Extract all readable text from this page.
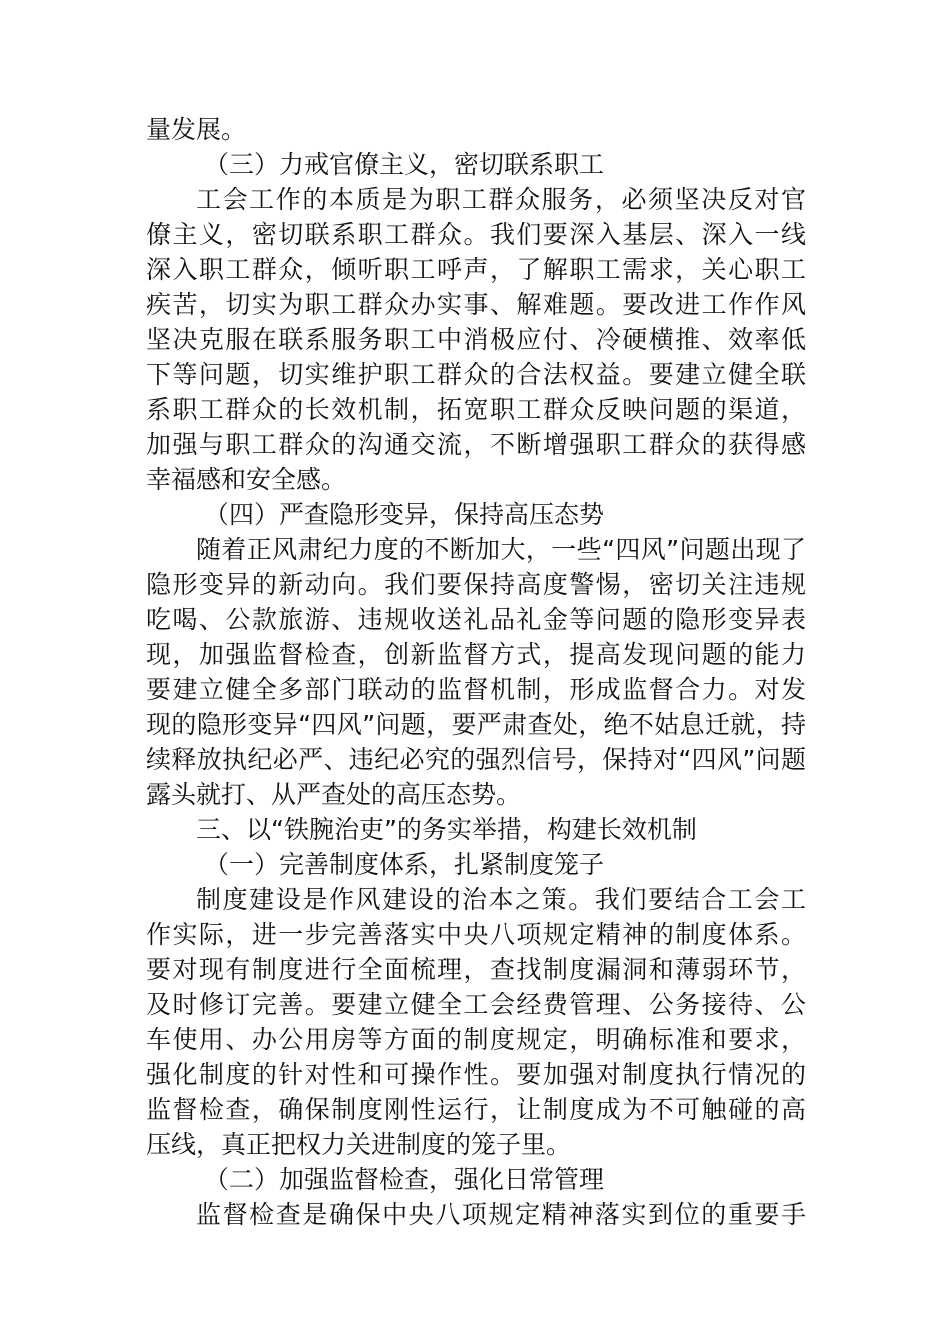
量发展。
（三）力戒官僚主义，密切联系职工
工会工作的本质是为职工群众服务，必须坚决反对官
僚主义，密切联系职工群众。我们要深入基层、深入一线
深入职工群众，倾听职工呼声，了解职工需求，关心职工
疾苦，切实为职工群众办实事、解难题。要改进工作作风
坚决克服在联系服务职工中消极应付、冷硬横推、效率低
下等问题，切实维护职工群众的合法权益。要建立健全联
系职工群众的长效机制，拓宽职工群众反映问题的渠道，
加强与职工群众的沟通交流，不断增强职工群众的获得感
幸福感和安全感。
（四）严查隐形变异，保持高压态势
随着正风肃纪力度的不断加大，一些“四风”问题出现了
隐形变异的新动向。我们要保持高度警惕，密切关注违规
吃喝、公款旅游、违规收送礼品礼金等问题的隐形变异表
现，加强监督检查，创新监督方式，提高发现问题的能力
要建立健全多部门联动的监督机制，形成监督合力。对发
现的隐形变异“四风”问题，要严肃查处，绝不姑息迁就，持
续释放执纪必严、违纪必究的强烈信号，保持对“四风”问题
露头就打、从严查处的高压态势。
三、以“铁腕治吏”的务实举措，构建长效机制
（一）完善制度体系，扎紧制度笼子
制度建设是作风建设的治本之策。我们要结合工会工
作实际，进一步完善落实中央八项规定精神的制度体系。
要对现有制度进行全面梳理，查找制度漏洞和薄弱环节，
及时修订完善。要建立健全工会经费管理、公务接待、公
车使用、办公用房等方面的制度规定，明确标准和要求，
强化制度的针对性和可操作性。要加强对制度执行情况的
监督检查，确保制度刚性运行，让制度成为不可触碰的高
压线，真正把权力关进制度的笼子里。
（二）加强监督检查，强化日常管理
监督检查是确保中央八项规定精神落实到位的重要手
